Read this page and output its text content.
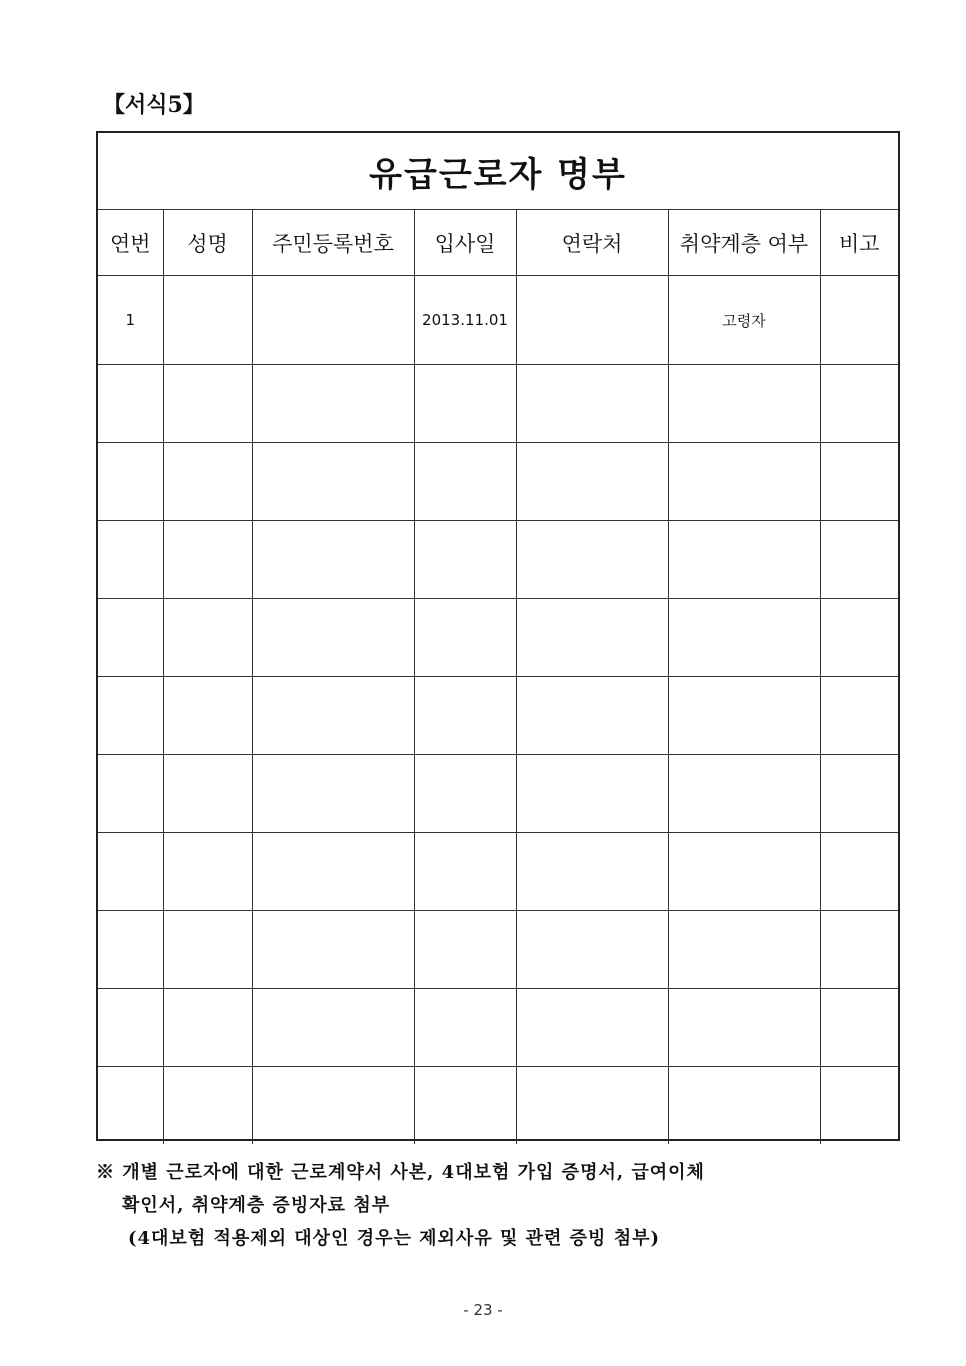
【서식5】
유급근로자 명부
연번	성명	주민등록번호	입사일	연락처	취약계층 여부	비고
1			2013.11.01		고령자	

※ 개별 근로자에 대한 근로계약서 사본, 4대보험 가입 증명서, 급여이체
확인서, 취약계층 증빙자료 첨부
(4대보험 적용제외 대상인 경우는 제외사유 및 관련 증빙 첨부)
- 23 -
